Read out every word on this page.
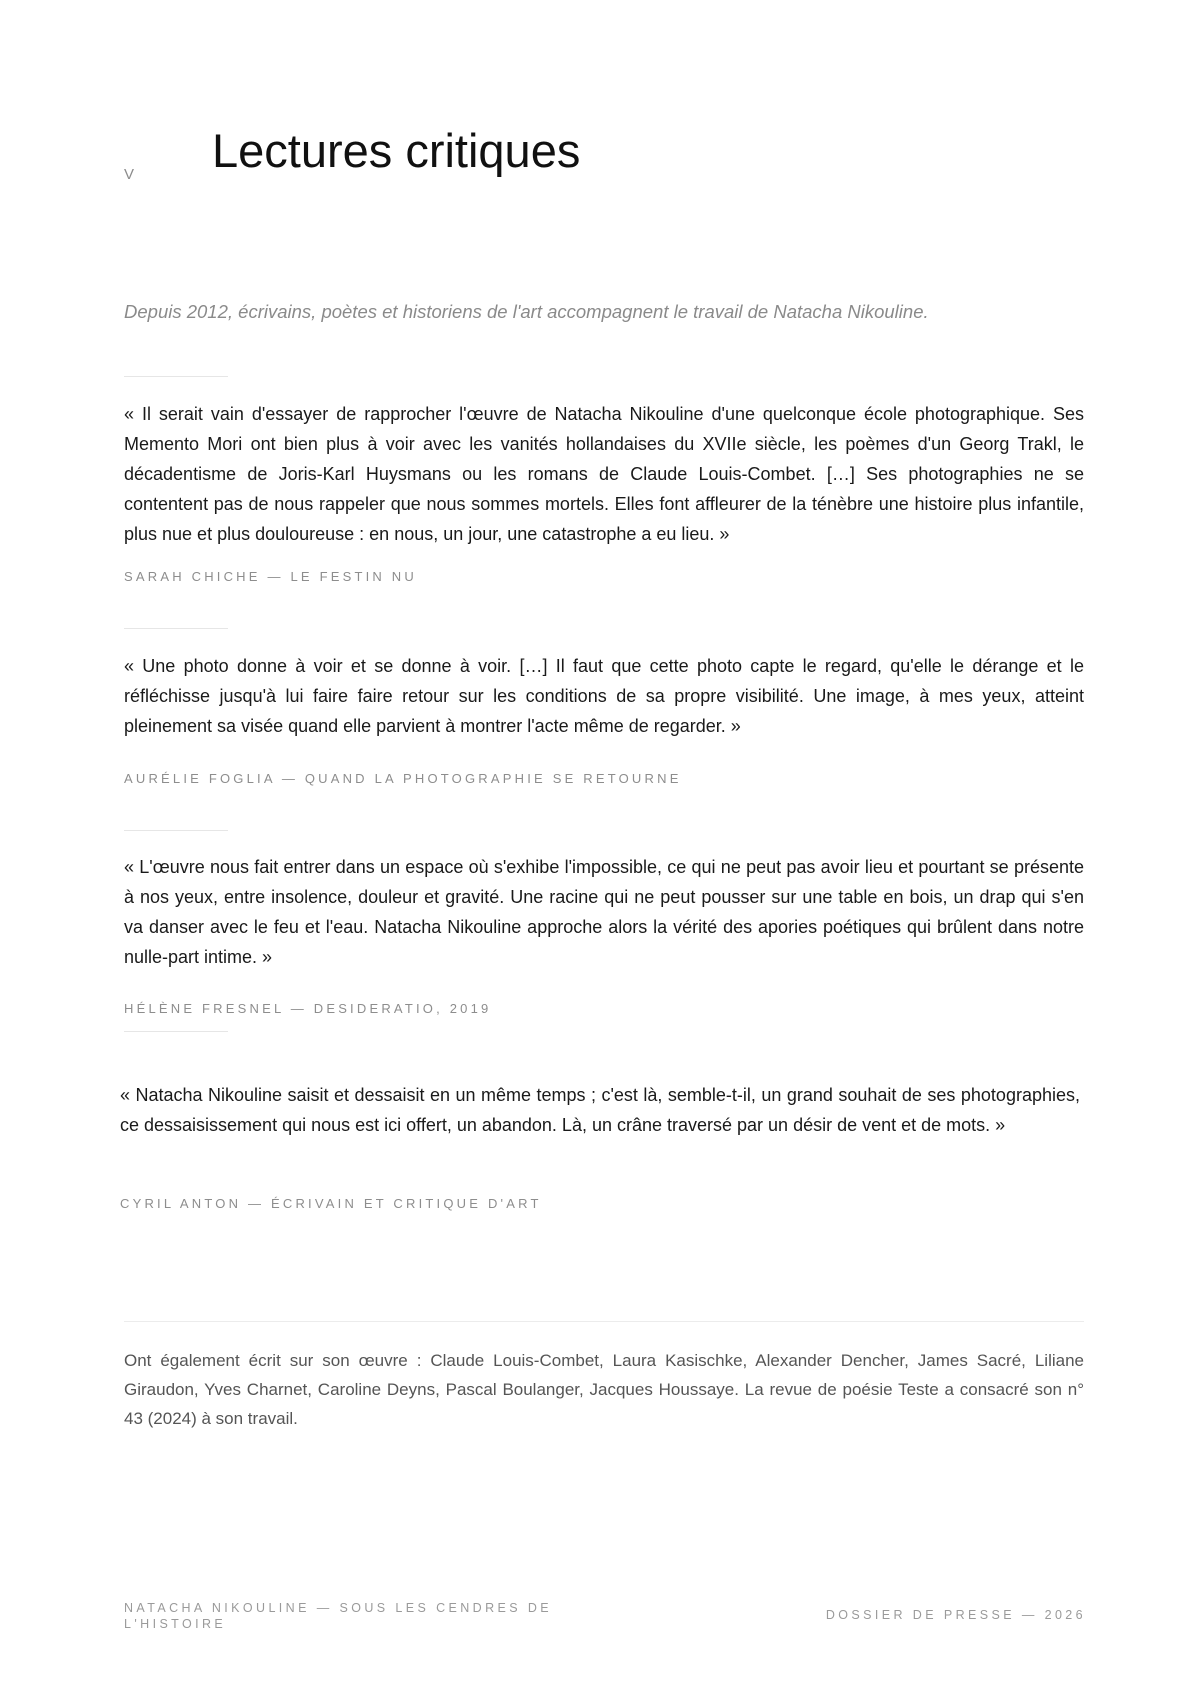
V Lectures critiques

Depuis 2012, écrivains, poètes et historiens de l'art accompagnent le travail de Natacha Nikouline.

« Il serait vain d'essayer de rapprocher l'œuvre de Natacha Nikouline d'une quelconque école photographique. Ses Memento Mori ont bien plus à voir avec les vanités hollandaises du XVIIe siècle, les poèmes d'un Georg Trakl, le décadentisme de Joris-Karl Huysmans ou les romans de Claude Louis-Combet. […] Ses photographies ne se contentent pas de nous rappeler que nous sommes mortels. Elles font affleurer de la ténèbre une histoire plus infantile, plus nue et plus douloureuse : en nous, un jour, une catastrophe a eu lieu. »

SARAH CHICHE — LE FESTIN NU

« Une photo donne à voir et se donne à voir. […] Il faut que cette photo capte le regard, qu'elle le dérange et le réfléchisse jusqu'à lui faire faire retour sur les conditions de sa propre visibilité. Une image, à mes yeux, atteint pleinement sa visée quand elle parvient à montrer l'acte même de regarder. »

AURÉLIE FOGLIA — QUAND LA PHOTOGRAPHIE SE RETOURNE

« L'œuvre nous fait entrer dans un espace où s'exhibe l'impossible, ce qui ne peut pas avoir lieu et pourtant se présente à nos yeux, entre insolence, douleur et gravité. Une racine qui ne peut pousser sur une table en bois, un drap qui s'en va danser avec le feu et l'eau. Natacha Nikouline approche alors la vérité des apories poétiques qui brûlent dans notre nulle-part intime. »

HÉLÈNE FRESNEL — DESIDERATIO, 2019

« Natacha Nikouline saisit et dessaisit en un même temps ; c'est là, semble-t-il, un grand souhait de ses photographies, ce dessaisissement qui nous est ici offert, un abandon. Là, un crâne traversé par un désir de vent et de mots. »

CYRIL ANTON — ÉCRIVAIN ET CRITIQUE D'ART

Ont également écrit sur son œuvre : Claude Louis-Combet, Laura Kasischke, Alexander Dencher, James Sacré, Liliane Giraudon, Yves Charnet, Caroline Deyns, Pascal Boulanger, Jacques Houssaye. La revue de poésie Teste a consacré son n° 43 (2024) à son travail.

NATACHA NIKOULINE — SOUS LES CENDRES DE L'HISTOIRE

DOSSIER DE PRESSE — 2026
